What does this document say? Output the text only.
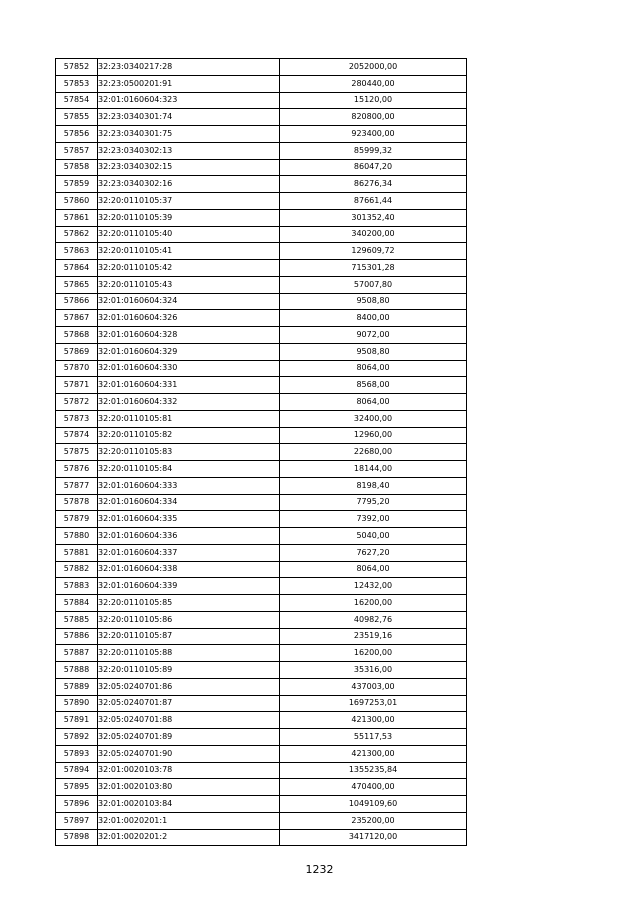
57852	32:23:0340217:28	2052000,00
57853	32:23:0500201:91	280440,00
57854	32:01:0160604:323	15120,00
57855	32:23:0340301:74	820800,00
57856	32:23:0340301:75	923400,00
57857	32:23:0340302:13	85999,32
57858	32:23:0340302:15	86047,20
57859	32:23:0340302:16	86276,34
57860	32:20:0110105:37	87661,44
57861	32:20:0110105:39	301352,40
57862	32:20:0110105:40	340200,00
57863	32:20:0110105:41	129609,72
57864	32:20:0110105:42	715301,28
57865	32:20:0110105:43	57007,80
57866	32:01:0160604:324	9508,80
57867	32:01:0160604:326	8400,00
57868	32:01:0160604:328	9072,00
57869	32:01:0160604:329	9508,80
57870	32:01:0160604:330	8064,00
57871	32:01:0160604:331	8568,00
57872	32:01:0160604:332	8064,00
57873	32:20:0110105:81	32400,00
57874	32:20:0110105:82	12960,00
57875	32:20:0110105:83	22680,00
57876	32:20:0110105:84	18144,00
57877	32:01:0160604:333	8198,40
57878	32:01:0160604:334	7795,20
57879	32:01:0160604:335	7392,00
57880	32:01:0160604:336	5040,00
57881	32:01:0160604:337	7627,20
57882	32:01:0160604:338	8064,00
57883	32:01:0160604:339	12432,00
57884	32:20:0110105:85	16200,00
57885	32:20:0110105:86	40982,76
57886	32:20:0110105:87	23519,16
57887	32:20:0110105:88	16200,00
57888	32:20:0110105:89	35316,00
57889	32:05:0240701:86	437003,00
57890	32:05:0240701:87	1697253,01
57891	32:05:0240701:88	421300,00
57892	32:05:0240701:89	55117,53
57893	32:05:0240701:90	421300,00
57894	32:01:0020103:78	1355235,84
57895	32:01:0020103:80	470400,00
57896	32:01:0020103:84	1049109,60
57897	32:01:0020201:1	235200,00
57898	32:01:0020201:2	3417120,00
1232
